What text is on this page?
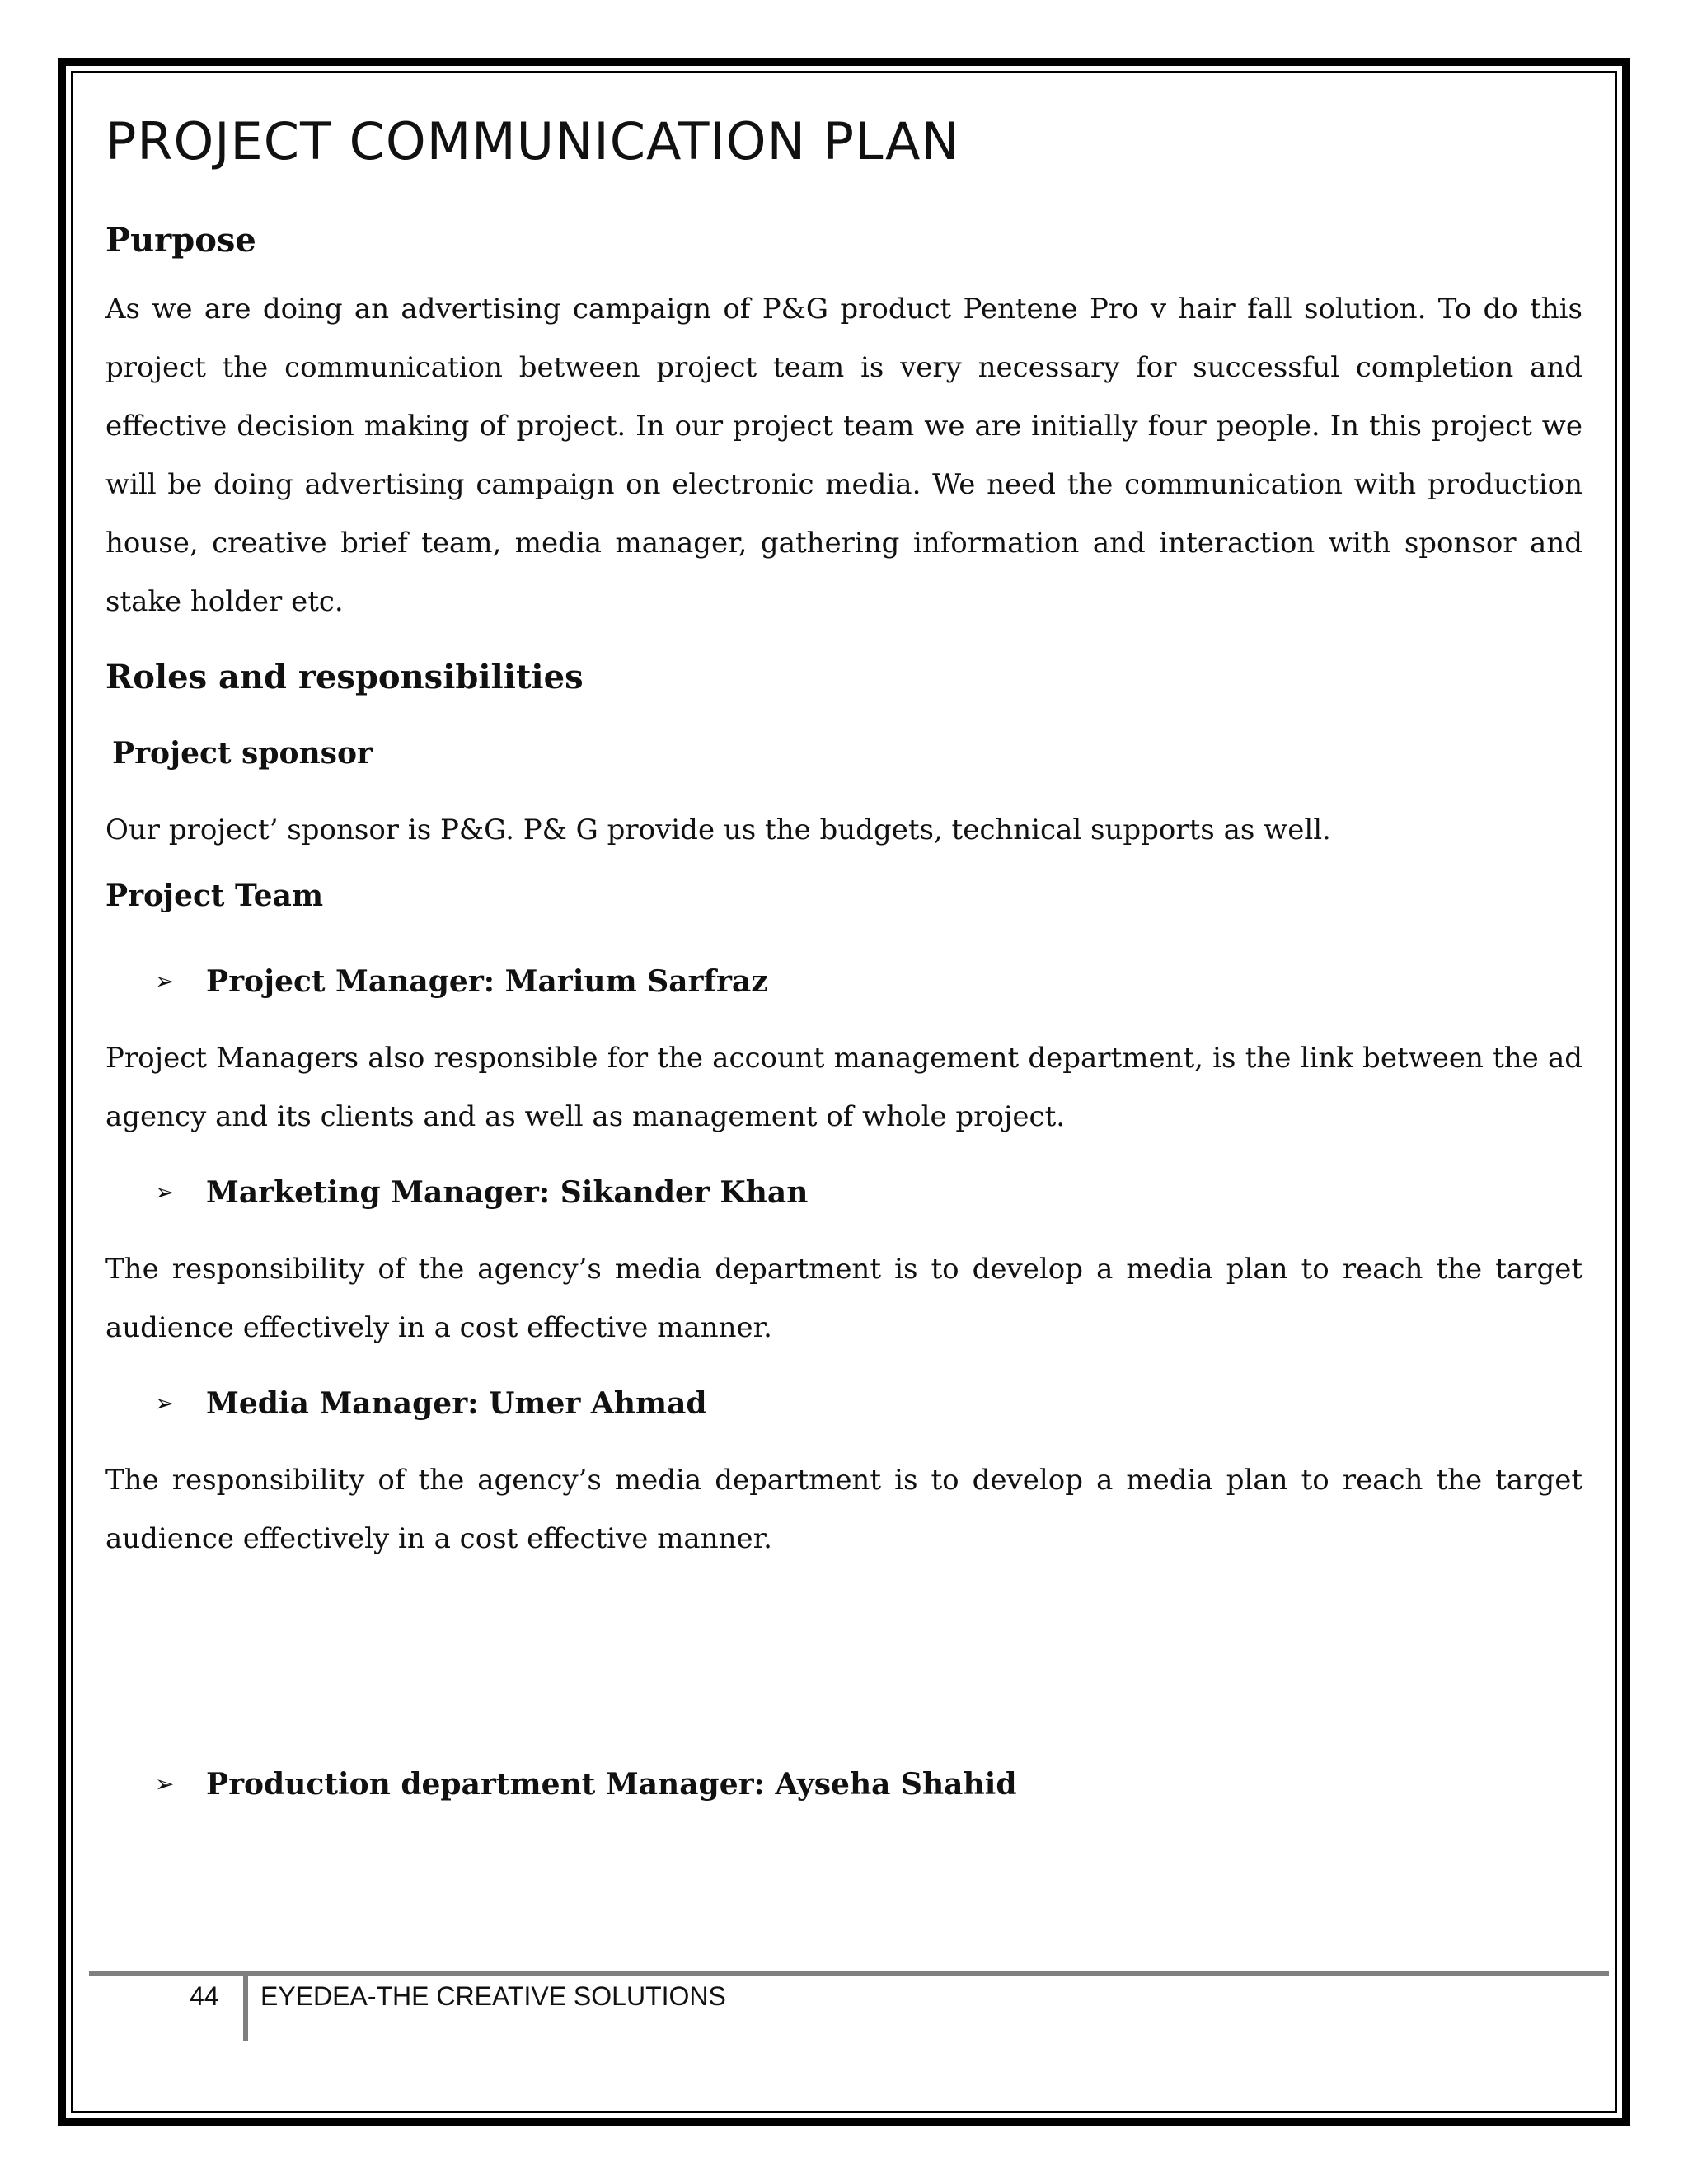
PROJECT COMMUNICATION PLAN
Purpose

As we are doing an advertising campaign of P&G product Pentene Pro v hair fall solution. To do this project the communication between project team is very necessary for successful completion and effective decision making of project. In our project team we are initially four people. In this project we will be doing advertising campaign on electronic media. We need the communication with production house, creative brief team, media manager, gathering information and interaction with sponsor and stake holder etc.

Roles and responsibilities
Project sponsor

Our project’ sponsor is P&G. P& G provide us the budgets, technical supports as well.

Project Team
➢ Project Manager: Marium Sarfraz

Project Managers also responsible for the account management department, is the link between the ad agency and its clients and as well as management of whole project.

➢ Marketing Manager: Sikander Khan

The responsibility of the agency’s media department is to develop a media plan to reach the target audience effectively in a cost effective manner.

➢ Media Manager: Umer Ahmad

The responsibility of the agency’s media department is to develop a media plan to reach the target audience effectively in a cost effective manner.

➢ Production department Manager: Ayseha Shahid
44 EYEDEA-THE CREATIVE SOLUTIONS
